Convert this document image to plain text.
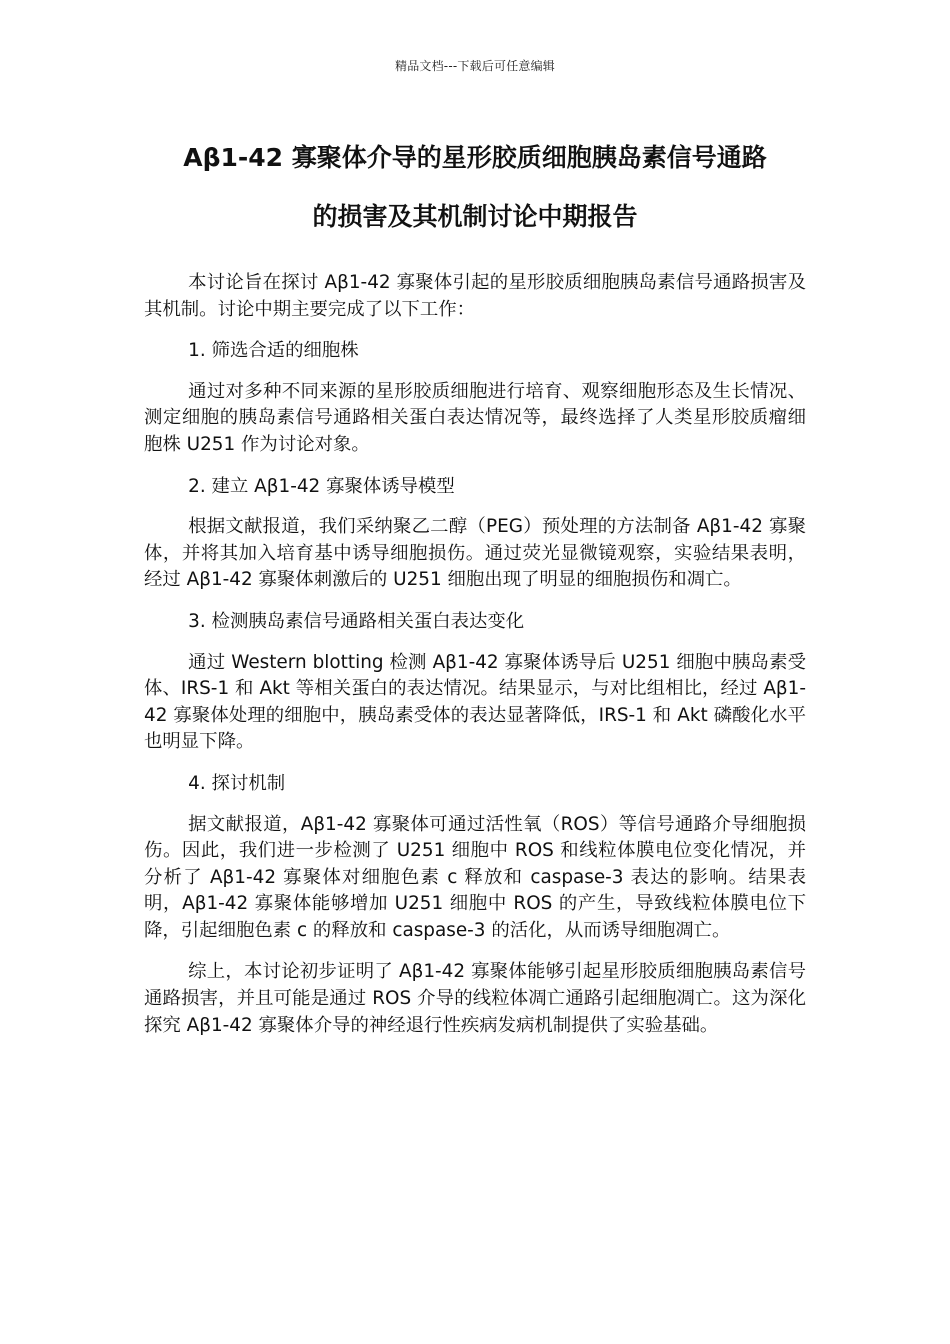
精品文档---下载后可任意编辑
Aβ1-42 寡聚体介导的星形胶质细胞胰岛素信号通路
的损害及其机制讨论中期报告

本讨论旨在探讨 Aβ1-42 寡聚体引起的星形胶质细胞胰岛素信号通路损害及其机制。讨论中期主要完成了以下工作：

1. 筛选合适的细胞株

通过对多种不同来源的星形胶质细胞进行培育、观察细胞形态及生长情况、测定细胞的胰岛素信号通路相关蛋白表达情况等，最终选择了人类星形胶质瘤细胞株 U251 作为讨论对象。

2. 建立 Aβ1-42 寡聚体诱导模型

根据文献报道，我们采纳聚乙二醇（PEG）预处理的方法制备 Aβ1-42 寡聚体，并将其加入培育基中诱导细胞损伤。通过荧光显微镜观察，实验结果表明，经过 Aβ1-42 寡聚体刺激后的 U251 细胞出现了明显的细胞损伤和凋亡。

3. 检测胰岛素信号通路相关蛋白表达变化

通过 Western blotting 检测 Aβ1-42 寡聚体诱导后 U251 细胞中胰岛素受体、IRS-1 和 Akt 等相关蛋白的表达情况。结果显示，与对比组相比，经过 Aβ1-42 寡聚体处理的细胞中，胰岛素受体的表达显著降低，IRS-1 和 Akt 磷酸化水平也明显下降。

4. 探讨机制

据文献报道，Aβ1-42 寡聚体可通过活性氧（ROS）等信号通路介导细胞损伤。因此，我们进一步检测了 U251 细胞中 ROS 和线粒体膜电位变化情况，并分析了 Aβ1-42 寡聚体对细胞色素 c 释放和 caspase-3 表达的影响。结果表明，Aβ1-42 寡聚体能够增加 U251 细胞中 ROS 的产生，导致线粒体膜电位下降，引起细胞色素 c 的释放和 caspase-3 的活化，从而诱导细胞凋亡。

综上，本讨论初步证明了 Aβ1-42 寡聚体能够引起星形胶质细胞胰岛素信号通路损害，并且可能是通过 ROS 介导的线粒体凋亡通路引起细胞凋亡。这为深化探究 Aβ1-42 寡聚体介导的神经退行性疾病发病机制提供了实验基础。
